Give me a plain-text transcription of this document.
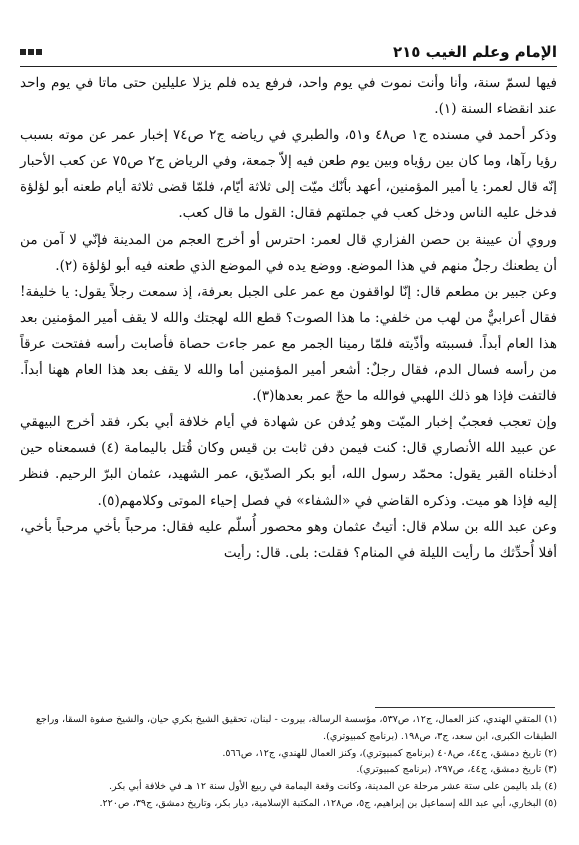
الإمام وعلم الغيب ٢١٥

فيها لسمّ سنة، وأنا وأنت نموت في يوم واحد، فرفع يده فلم يزلا عليلين حتى ماتا في يوم واحد عند انقضاء السنة (١).

وذكر أحمد في مسنده ج١ ص٤٨ و٥١، والطبري في رياضه ج٢ ص٧٤ إخبار عمر عن موته بسبب رؤيا رآها، وما كان بين رؤياه وبين يوم طعن فيه إلاّ جمعة، وفي الرياض ج٢ ص٧٥ عن كعب الأحبار إنّه قال لعمر: يا أمير المؤمنين، أعهد بأنّك ميّت إلى ثلاثة أيّام، فلمّا قضى ثلاثة أيام طعنه أبو لؤلؤة فدخل عليه الناس ودخل كعب في جملتهم فقال: القول ما قال كعب.

وروي أن عيينة بن حصن الفزاري قال لعمر: احترس أو أخرج العجم من المدينة فإنّي لا آمن من أن يطعنك رجلٌ منهم في هذا الموضع. ووضع يده في الموضع الذي طعنه فيه أبو لؤلؤة (٢).

وعن جبير بن مطعم قال: إنّا لواقفون مع عمر على الجبل بعرفة، إذ سمعت رجلاً يقول: يا خليفة! فقال أعرابيٌّ من لهب من خلفي: ما هذا الصوت؟ قطع الله لهجتك والله لا يقف أمير المؤمنين بعد هذا العام أبداً. فسببته وأذّيته فلمّا رمينا الجمر مع عمر جاءت حصاة فأصابت رأسه ففتحت عرقاً من رأسه فسال الدم، فقال رجلٌ: أشعر أمير المؤمنين أما والله لا يقف بعد هذا العام ههنا أبداً. فالتفت فإذا هو ذلك اللهبي فوالله ما حجّ عمر بعدها(٣).

وإن تعجب فعجبٌ إخبار الميّت وهو يُدفن عن شهادة في أيام خلافة أبي بكر، فقد أخرج البيهقي عن عبيد الله الأنصاري قال: كنت فيمن دفن ثابت بن قيس وكان قُتل باليمامة (٤) فسمعناه حين أدخلناه القبر يقول: محمّد رسول الله، أبو بكر الصدّيق، عمر الشهيد، عثمان البرّ الرحيم. فنظر إليه فإذا هو ميت. وذكره القاضي في «الشفاء» في فصل إحياء الموتى وكلامهم(٥).

وعن عبد الله بن سلام قال: أتيتُ عثمان وهو محصور أُسلّم عليه فقال: مرحباً بأخي مرحباً بأخي، أفلا أُحدِّثك ما رأيت الليلة في المنام؟ فقلت: بلى. قال: رأيت

(١) المتقي الهندي، كنز العمال، ج١٢، ص٥٣٧، مؤسسة الرسالة، بيروت - لبنان، تحقيق الشيخ بكري حيان، والشيخ صفوة السقا، وراجع الطبقات الكبرى، ابن سعد، ج٣، ص١٩٨. (برنامج كمبيوتري).

(٢) تاريخ دمشق، ج٤٤، ص٤٠٨ (برنامج كمبيوتري)، وكنز العمال للهندي، ج١٢، ص٥٦٦.

(٣) تاريخ دمشق، ج٤٤، ص٢٩٧، (برنامج كمبيوتري).

(٤) بلد باليمن على ستة عشر مرحلة عن المدينة، وكانت وقعة اليمامة في ربيع الأول سنة ١٢ هـ في خلافة أبي بكر.

(٥) البخاري، أبي عبد الله إسماعيل بن إبراهيم، ج٥، ص١٢٨، المكتبة الإسلامية، ديار بكر، وتاريخ دمشق، ج٣٩، ص٢٢٠.
